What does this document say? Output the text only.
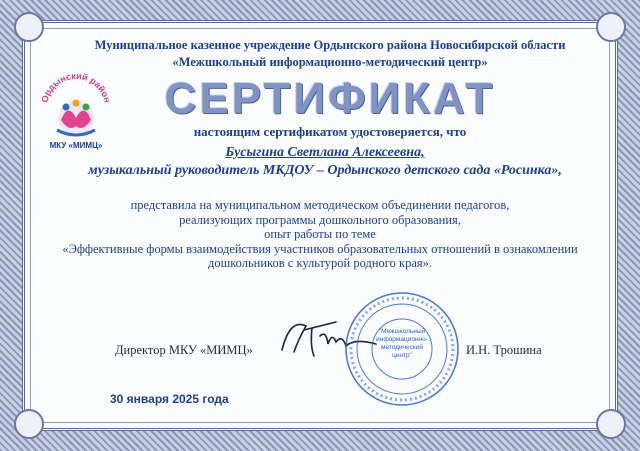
Муниципальное казенное учреждение Ордынского района Новосибирской области
«Межшкольный информационно-методический центр»
Ордынский район
МКУ «МИМЦ»
СЕРТИФИКАТ
настоящим сертификатом удостоверяется, что
Бусыгина Светлана Алексеевна,
музыкальный руководитель МКДОУ – Ордынского детского сада «Росинка»,
представила на муниципальном методическом объединении педагогов,
реализующих программы дошкольного образования,
опыт работы по теме
«Эффективные формы взаимодействия участников образовательных отношений в ознакомлении
дошкольников с культурой родного края».
Директор МКУ «МИМЦ»
"Межшкольный информационно-методический центр"	И.Н. Трошина
30 января 2025 года
